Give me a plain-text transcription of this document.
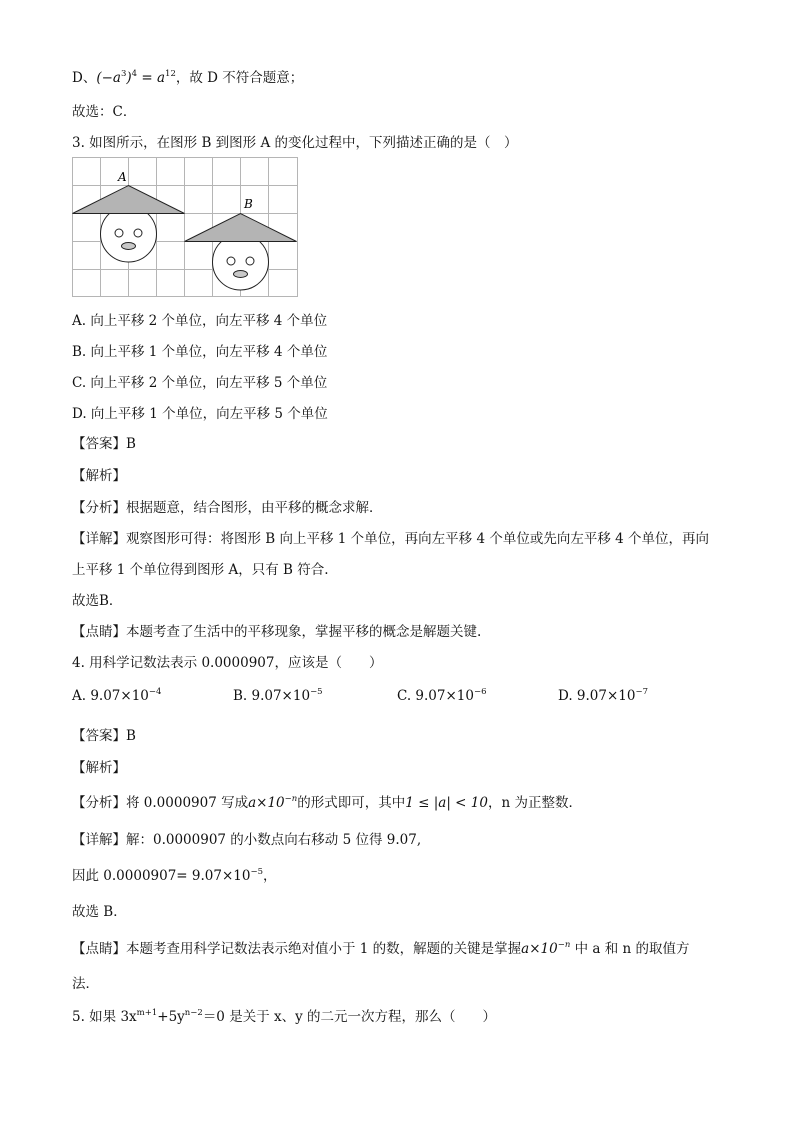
D、$(-a^3)^4 = a^{12}$，故 D 不符合题意；
故选：C．
3. 如图所示，在图形 B 到图形 A 的变化过程中，下列描述正确的是（　）
A
B
A. 向上平移 2 个单位，向左平移 4 个单位
B. 向上平移 1 个单位，向左平移 4 个单位
C. 向上平移 2 个单位，向左平移 5 个单位
D. 向上平移 1 个单位，向左平移 5 个单位
【答案】B
【解析】
【分析】根据题意，结合图形，由平移的概念求解．
【详解】观察图形可得：将图形 B 向上平移 1 个单位，再向左平移 4 个单位或先向左平移 4 个单位，再向
上平移 1 个单位得到图形 A，只有 B 符合.
故选B．
【点睛】本题考查了生活中的平移现象，掌握平移的概念是解题关键.
4. 用科学记数法表示 0.0000907，应该是（　　）
A. $9.07\times 10^{-4}$	B. $9.07\times 10^{-5}$	C. $9.07\times 10^{-6}$	D. $9.07\times 10^{-7}$
【答案】B
【解析】
【分析】将 0.0000907 写成$a\times 10^{-n}$的形式即可，其中1 ≤ |a| < 10，n 为正整数．
【详解】解：0.0000907 的小数点向右移动 5 位得 9.07,
因此 $0.0000907= 9.07\times 10^{-5}$，
故选 B．
【点睛】本题考查用科学记数法表示绝对值小于 1 的数，解题的关键是掌握$a\times 10^{-n}$ 中 a 和 n 的取值方
法．
5. 如果 $3x^{m+1}+5y^{n-2}=0$ 是关于 x、y 的二元一次方程，那么（　　）
